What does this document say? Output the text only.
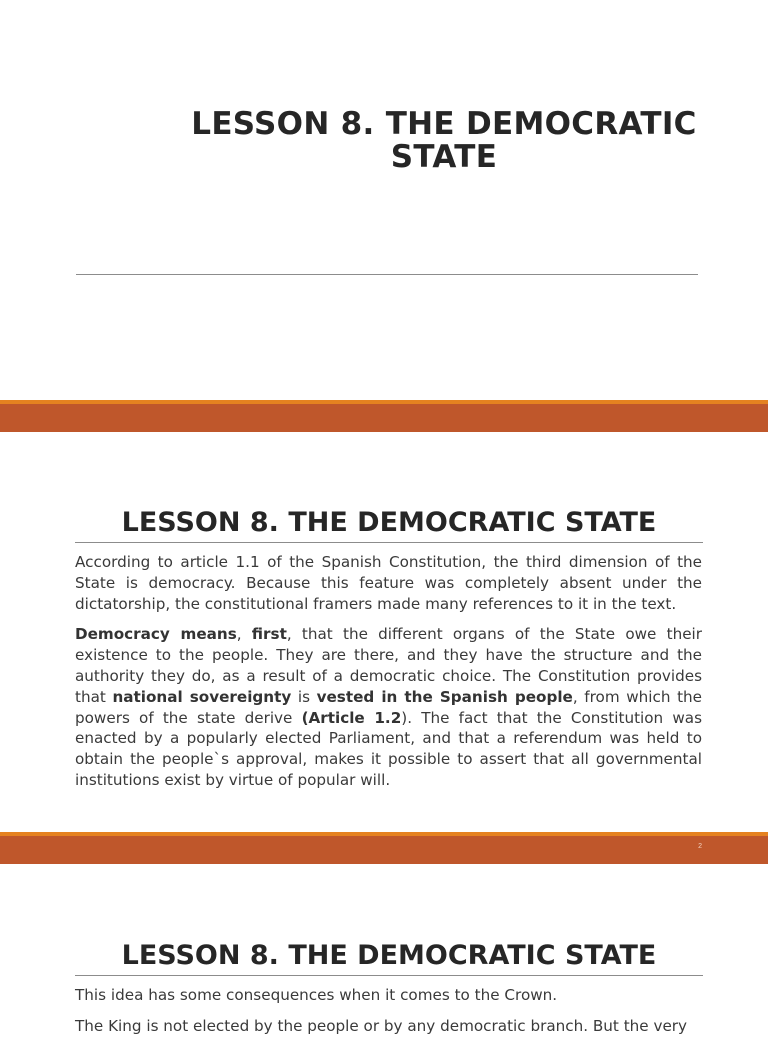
LESSON 8. THE DEMOCRATIC
STATE
LESSON 8. THE DEMOCRATIC STATE

According to article 1.1 of the Spanish Constitution, the third dimension of the State is democracy. Because this feature was completely absent under the dictatorship, the constitutional framers made many references to it in the text.

Democracy means, first, that the different organs of the State owe their existence to the people. They are there, and they have the structure and the authority they do, as a result of a democratic choice. The Constitution provides that national sovereignty is vested in the Spanish people, from which the powers of the state derive (Article 1.2). The fact that the Constitution was enacted by a popularly elected Parliament, and that a referendum was held to obtain the people`s approval, makes it possible to assert that all governmental institutions exist by virtue of popular will.

2
LESSON 8. THE DEMOCRATIC STATE

This idea has some consequences when it comes to the Crown.

The King is not elected by the people or by any democratic branch. But the very
